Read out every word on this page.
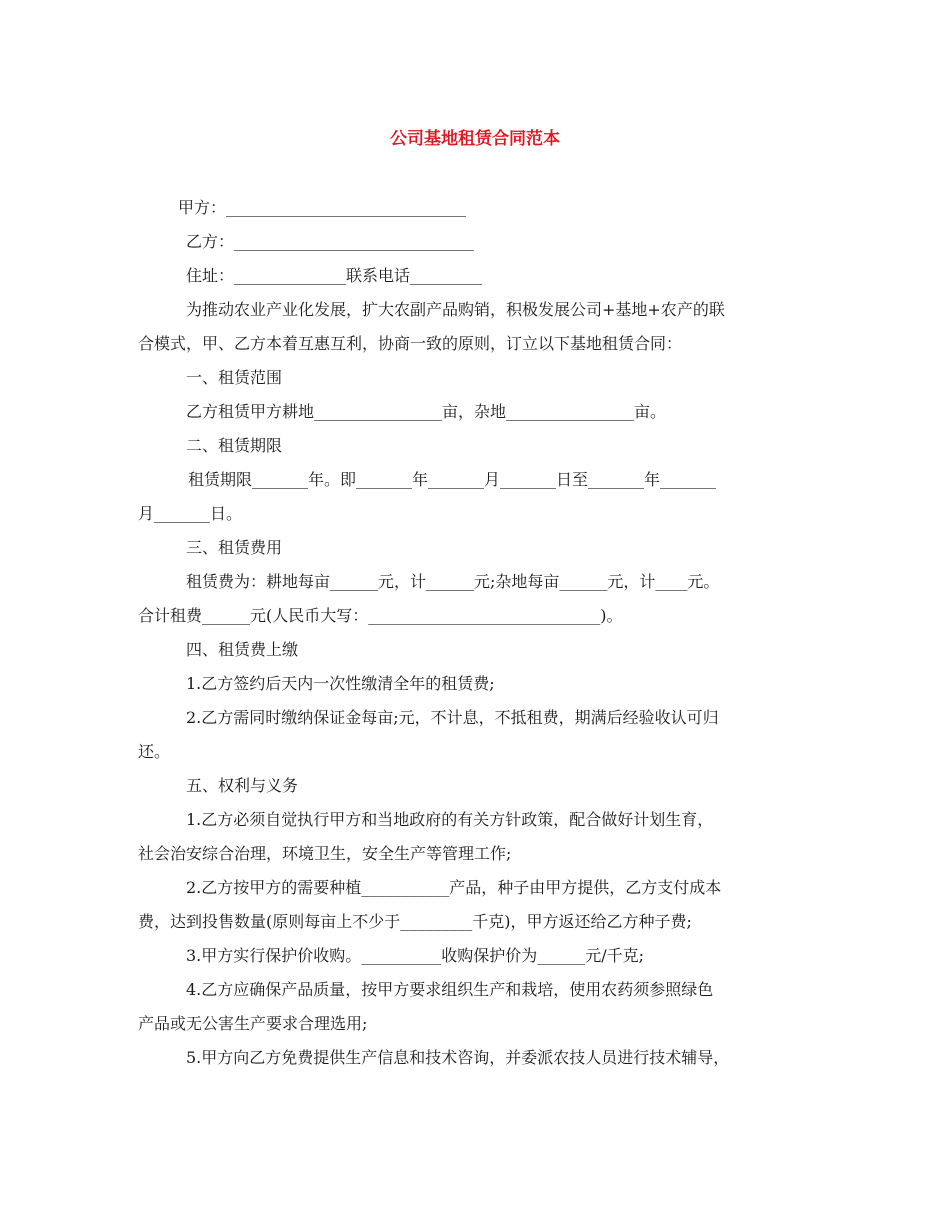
公司基地租赁合同范本
甲方：______________________________
乙方：______________________________
住址：______________联系电话_________
为推动农业产业化发展，扩大农副产品购销，积极发展公司+基地+农产的联
合模式，甲、乙方本着互惠互利，协商一致的原则，订立以下基地租赁合同：
一、租赁范围
乙方租赁甲方耕地________________亩，杂地________________亩。
二、租赁期限
租赁期限_______年。即_______年_______月_______日至_______年_______
月_______日。
三、租赁费用
租赁费为：耕地每亩______元，计______元;杂地每亩______元，计____元。
合计租费______元(人民币大写：_____________________________)。
四、租赁费上缴
1.乙方签约后天内一次性缴清全年的租赁费;
2.乙方需同时缴纳保证金每亩;元，不计息，不抵租费，期满后经验收认可归
还。
五、权利与义务
1.乙方必须自觉执行甲方和当地政府的有关方针政策，配合做好计划生育，
社会治安综合治理，环境卫生，安全生产等管理工作;
2.乙方按甲方的需要种植___________产品，种子由甲方提供，乙方支付成本
费，达到投售数量(原则每亩上不少于_________千克)，甲方返还给乙方种子费;
3.甲方实行保护价收购。__________收购保护价为______元/千克;
4.乙方应确保产品质量，按甲方要求组织生产和栽培，使用农药须参照绿色
产品或无公害生产要求合理选用;
5.甲方向乙方免费提供生产信息和技术咨询，并委派农技人员进行技术辅导，
